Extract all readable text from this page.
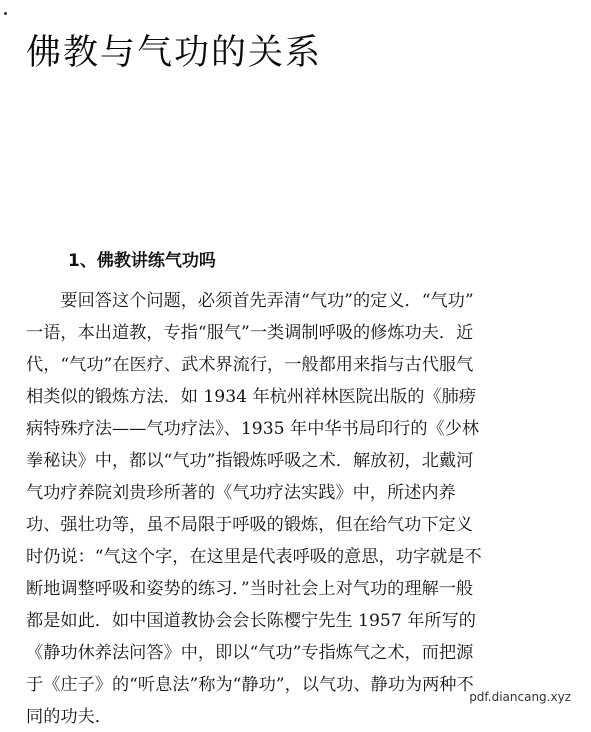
佛教与气功的关系
1、佛教讲练气功吗
　　要回答这个问题，必须首先弄清“气功”的定义．“气功”
一语，本出道教，专指“服气”一类调制呼吸的修炼功夫．近
代，“气功”在医疗、武术界流行，一般都用来指与古代服气
相类似的锻炼方法．如 1934 年杭州祥林医院出版的《肺痨
病特殊疗法——气功疗法》、1935 年中华书局印行的《少林
拳秘诀》中，都以“气功”指锻炼呼吸之术．解放初，北戴河
气功疗养院刘贵珍所著的《气功疗法实践》中，所述内养
功、强壮功等，虽不局限于呼吸的锻炼，但在给气功下定义
时仍说：“气这个字，在这里是代表呼吸的意思，功字就是不
断地调整呼吸和姿势的练习．”当时社会上对气功的理解一般
都是如此．如中国道教协会会长陈樱宁先生 1957 年所写的
《静功休养法问答》中，即以“气功”专指炼气之术，而把源
于《庄子》的“听息法”称为“静功”，以气功、静功为两种不
同的功夫．
pdf.diancang.xyz
